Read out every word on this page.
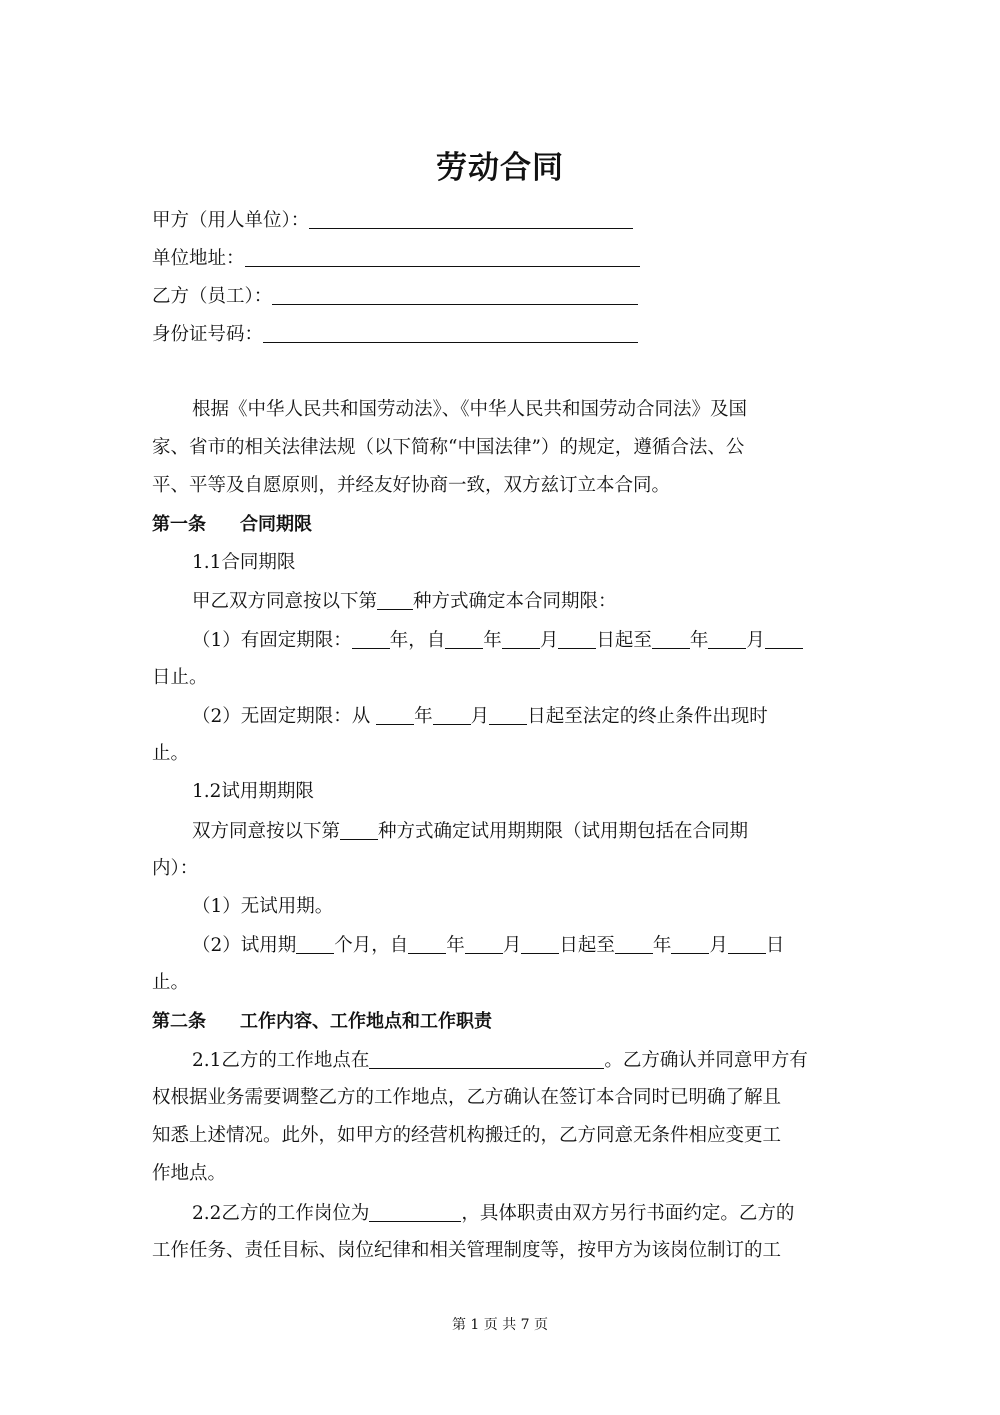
劳动合同
甲方（用人单位）：
单位地址：
乙方（员工）：
身份证号码：
根据《中华人民共和国劳动法》、《中华人民共和国劳动合同法》及国
家、省市的相关法律法规（以下简称“中国法律”）的规定，遵循合法、公
平、平等及自愿原则，并经友好协商一致，双方兹订立本合同。
第一条 合同期限
1.1合同期限
甲乙双方同意按以下第 种方式确定本合同期限：
（1）有固定期限： 年，自 年 月 日起至 年 月
日止。
（2）无固定期限：从 年 月 日起至法定的终止条件出现时
止。
1.2试用期期限
双方同意按以下第 种方式确定试用期期限（试用期包括在合同期
内）：
（1）无试用期。
（2）试用期 个月，自 年 月 日起至 年 月 日
止。
第二条 工作内容、工作地点和工作职责
2.1乙方的工作地点在	。乙方确认并同意甲方有
权根据业务需要调整乙方的工作地点，乙方确认在签订本合同时已明确了解且
知悉上述情况。此外，如甲方的经营机构搬迁的，乙方同意无条件相应变更工
作地点。
2.2乙方的工作岗位为	，具体职责由双方另行书面约定。乙方的
工作任务、责任目标、岗位纪律和相关管理制度等，按甲方为该岗位制订的工
第 1 页 共 7 页
